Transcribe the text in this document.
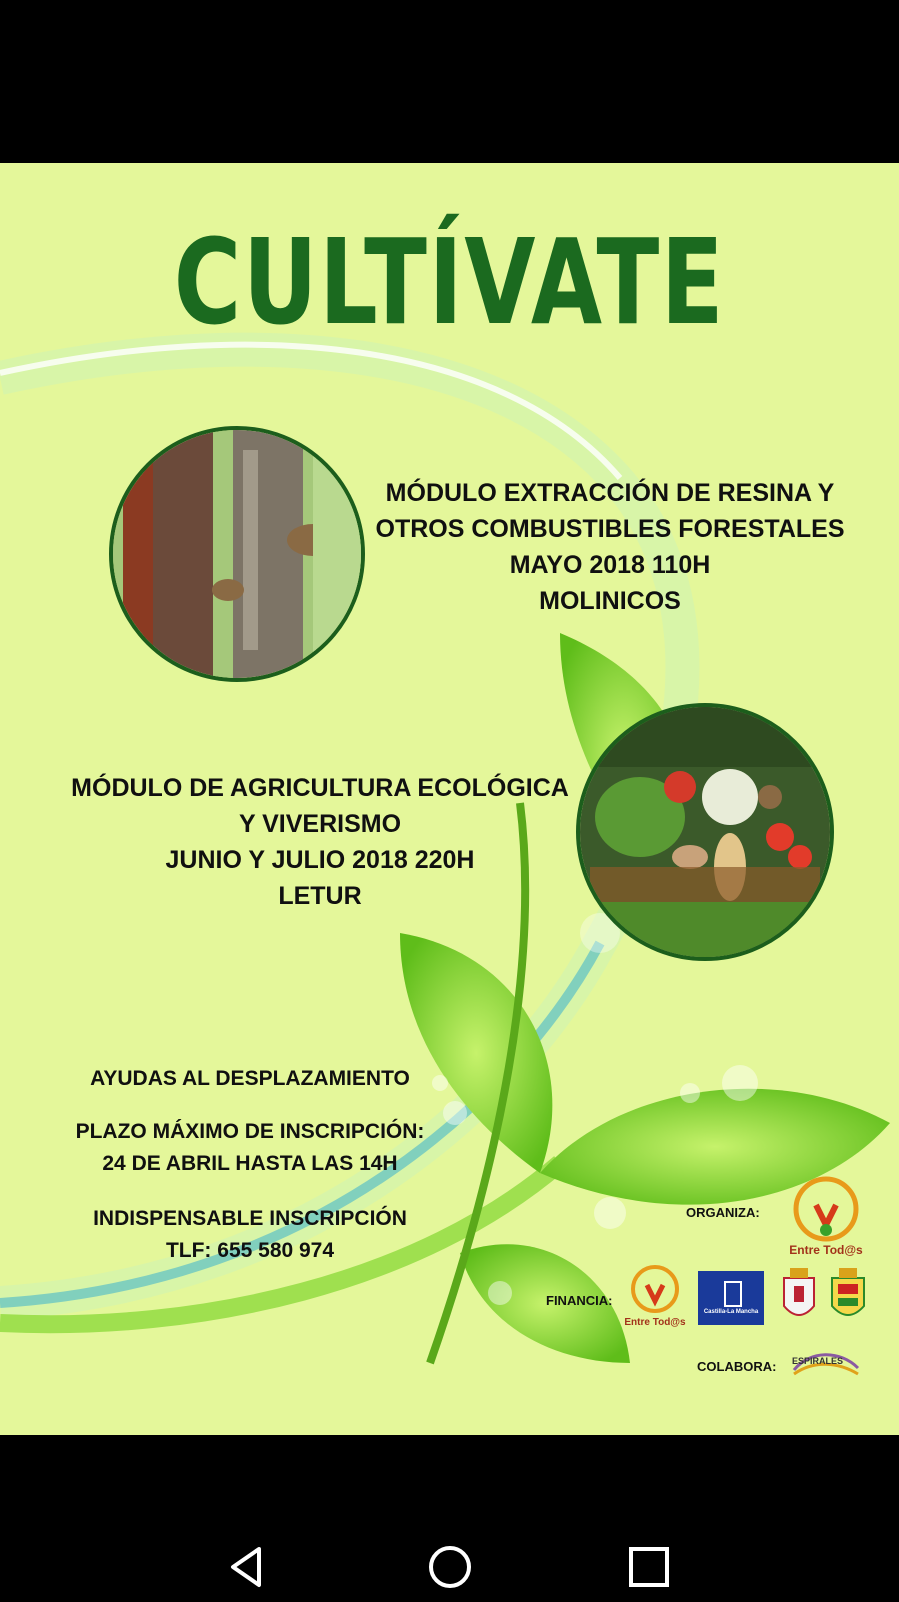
CULTÍVATE
MÓDULO EXTRACCIÓN DE RESINA Y
OTROS COMBUSTIBLES FORESTALES
MAYO 2018 110H
MOLINICOS
MÓDULO DE AGRICULTURA ECOLÓGICA
Y VIVERISMO
JUNIO Y JULIO 2018 220H
LETUR
AYUDAS AL DESPLAZAMIENTO
PLAZO MÁXIMO DE INSCRIPCIÓN:
24 DE ABRIL HASTA LAS 14H
INDISPENSABLE INSCRIPCIÓN
TLF: 655 580 974
ORGANIZA:
Entre Tod@s
FINANCIA:
Entre Tod@s
Castilla-La Mancha
COLABORA: ESPIRALES
